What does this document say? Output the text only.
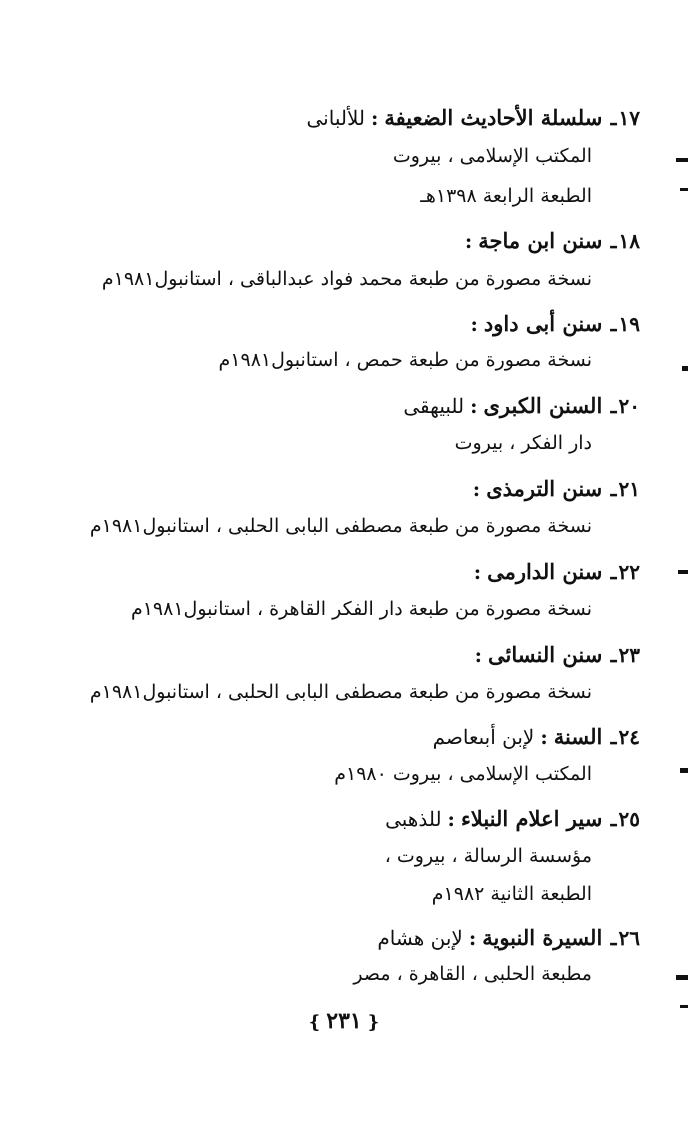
١٧ـ سلسلة الأحاديث الضعيفة:للألبانى
المكتب الإسلامى ، بيروت
الطبعة الرابعة ١٣٩٨هـ
١٨ـ سنن ابن ماجة:
نسخة مصورة من طبعة محمد فواد عبدالباقى ، استانبول١٩٨١م
١٩ـ سنن أبى داود:
نسخة مصورة من طبعة حمص ، استانبول١٩٨١م
٢٠ـ السنن الكبرى:للبيهقى
دار الفكر ، بيروت
٢١ـ سنن الترمذى:
نسخة مصورة من طبعة مصطفى البابى الحلبى ، استانبول١٩٨١م
٢٢ـ سنن الدارمى:
نسخة مصورة من طبعة دار الفكر القاهرة ، استانبول١٩٨١م
٢٣ـ سنن النسائى:
نسخة مصورة من طبعة مصطفى البابى الحلبى ، استانبول١٩٨١م
٢٤ـ السنة:لإبن أبىعاصم
المكتب الإسلامى ، بيروت ١٩٨٠م
٢٥ـ سير اعلام النبلاء:للذهبى
مؤسسة الرسالة ، بيروت ،
الطبعة الثانية ١٩٨٢م
٢٦ـ السيرة النبوية:لإبن هشام
مطبعة الحلبى ، القاهرة ، مصر
❴٢٣١❵
